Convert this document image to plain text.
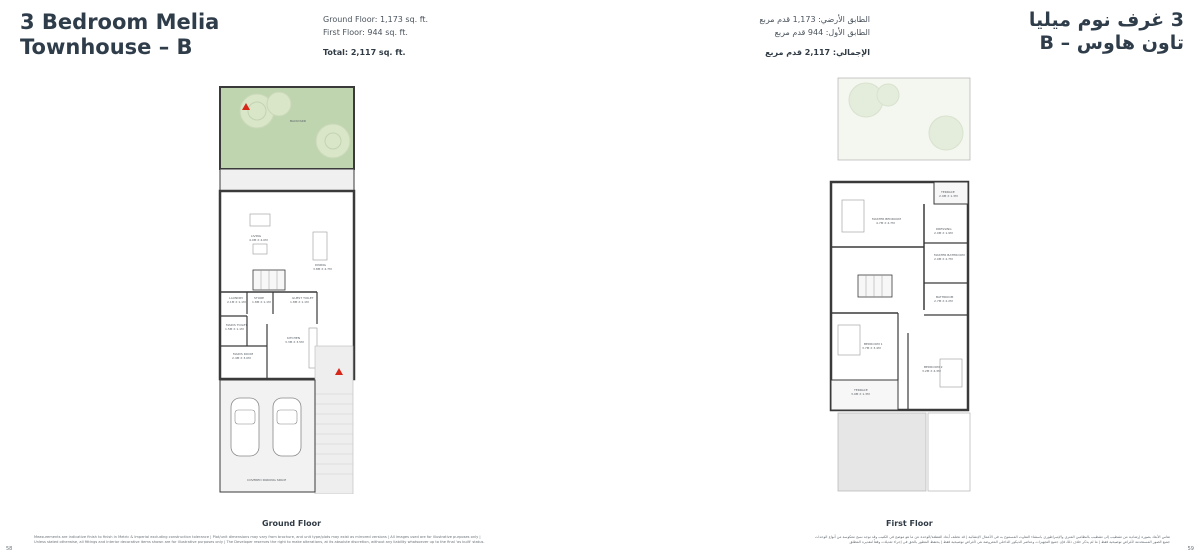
3 Bedroom Melia
Townhouse – B
Ground Floor: 1,173 sq. ft.
First Floor: 944 sq. ft.
Total: 2,117 sq. ft.
الطابق الأرضي: 1,173 قدم مربع
الطابق الأول: 944 قدم مربع
الإجمالي: 2,117 قدم مربع
3 غرف نوم ميليا
تاون هاوس – B
BACKYARD
LIVING
4.0M X 4.0M
DINING
3.8M X 4.7M
LAUNDRY
2.1M X 1.1M
STORE
1.8M X 1.1M
GUEST TOILET
1.8M X 1.1M
MAIDS TOILET
1.5M X 1.1M
MAIDS ROOM
2.4M X 3.0M
KITCHEN
3.3M X 3.5M
COVERED PARKING SPACE
Ground Floor
TERRACE
2.9M X 1.3M
MASTER BEDROOM
4.7M X 4.7M
DRESSING
2.0M X 1.9M
MASTER BATHROOM
2.0M X 2.7M
BATHROOM
2.7M X 2.2M
BEDROOM 1
3.7M X 3.4M
BEDROOM 2
3.2M X 4.3M
TERRACE
3.9M X 1.3M
First Floor
Measurements are indicative finish to finish in Metric & Imperial excluding construction tolerance | Plot/unit dimensions may vary from brochure, and unit type/plots may exist as mirrored versions | All images used are for illustrative purposes only |
Unless stated otherwise, all fittings and interior decorative items shown are for illustrative purposes only | The Developer reserves the right to make alterations, at its absolute discretion, without any liability whatsoever up to the final 'as built' status.
تقاس الأبعاد بصورة إرشادية من تشطيب إلى تشطيب بالنظامين المتري والإمبراطوري باستثناء التفاوت المسموح به في الأعمال الإنشائية | قد تختلف أبعاد القطعة/الوحدة عن ما هو موضح في الكتيب وقد توجد نسخ معكوسة من أنواع الوحدات
جميع الصور المستخدمة لأغراض توضيحية فقط | ما لم يذكر خلاف ذلك فإن جميع التجهيزات وعناصر الديكور الداخلي المعروضة هي لأغراض توضيحية فقط | يحتفظ المطور بالحق في إجراء تعديلات وفقاً لتقديره المطلق
58	59
